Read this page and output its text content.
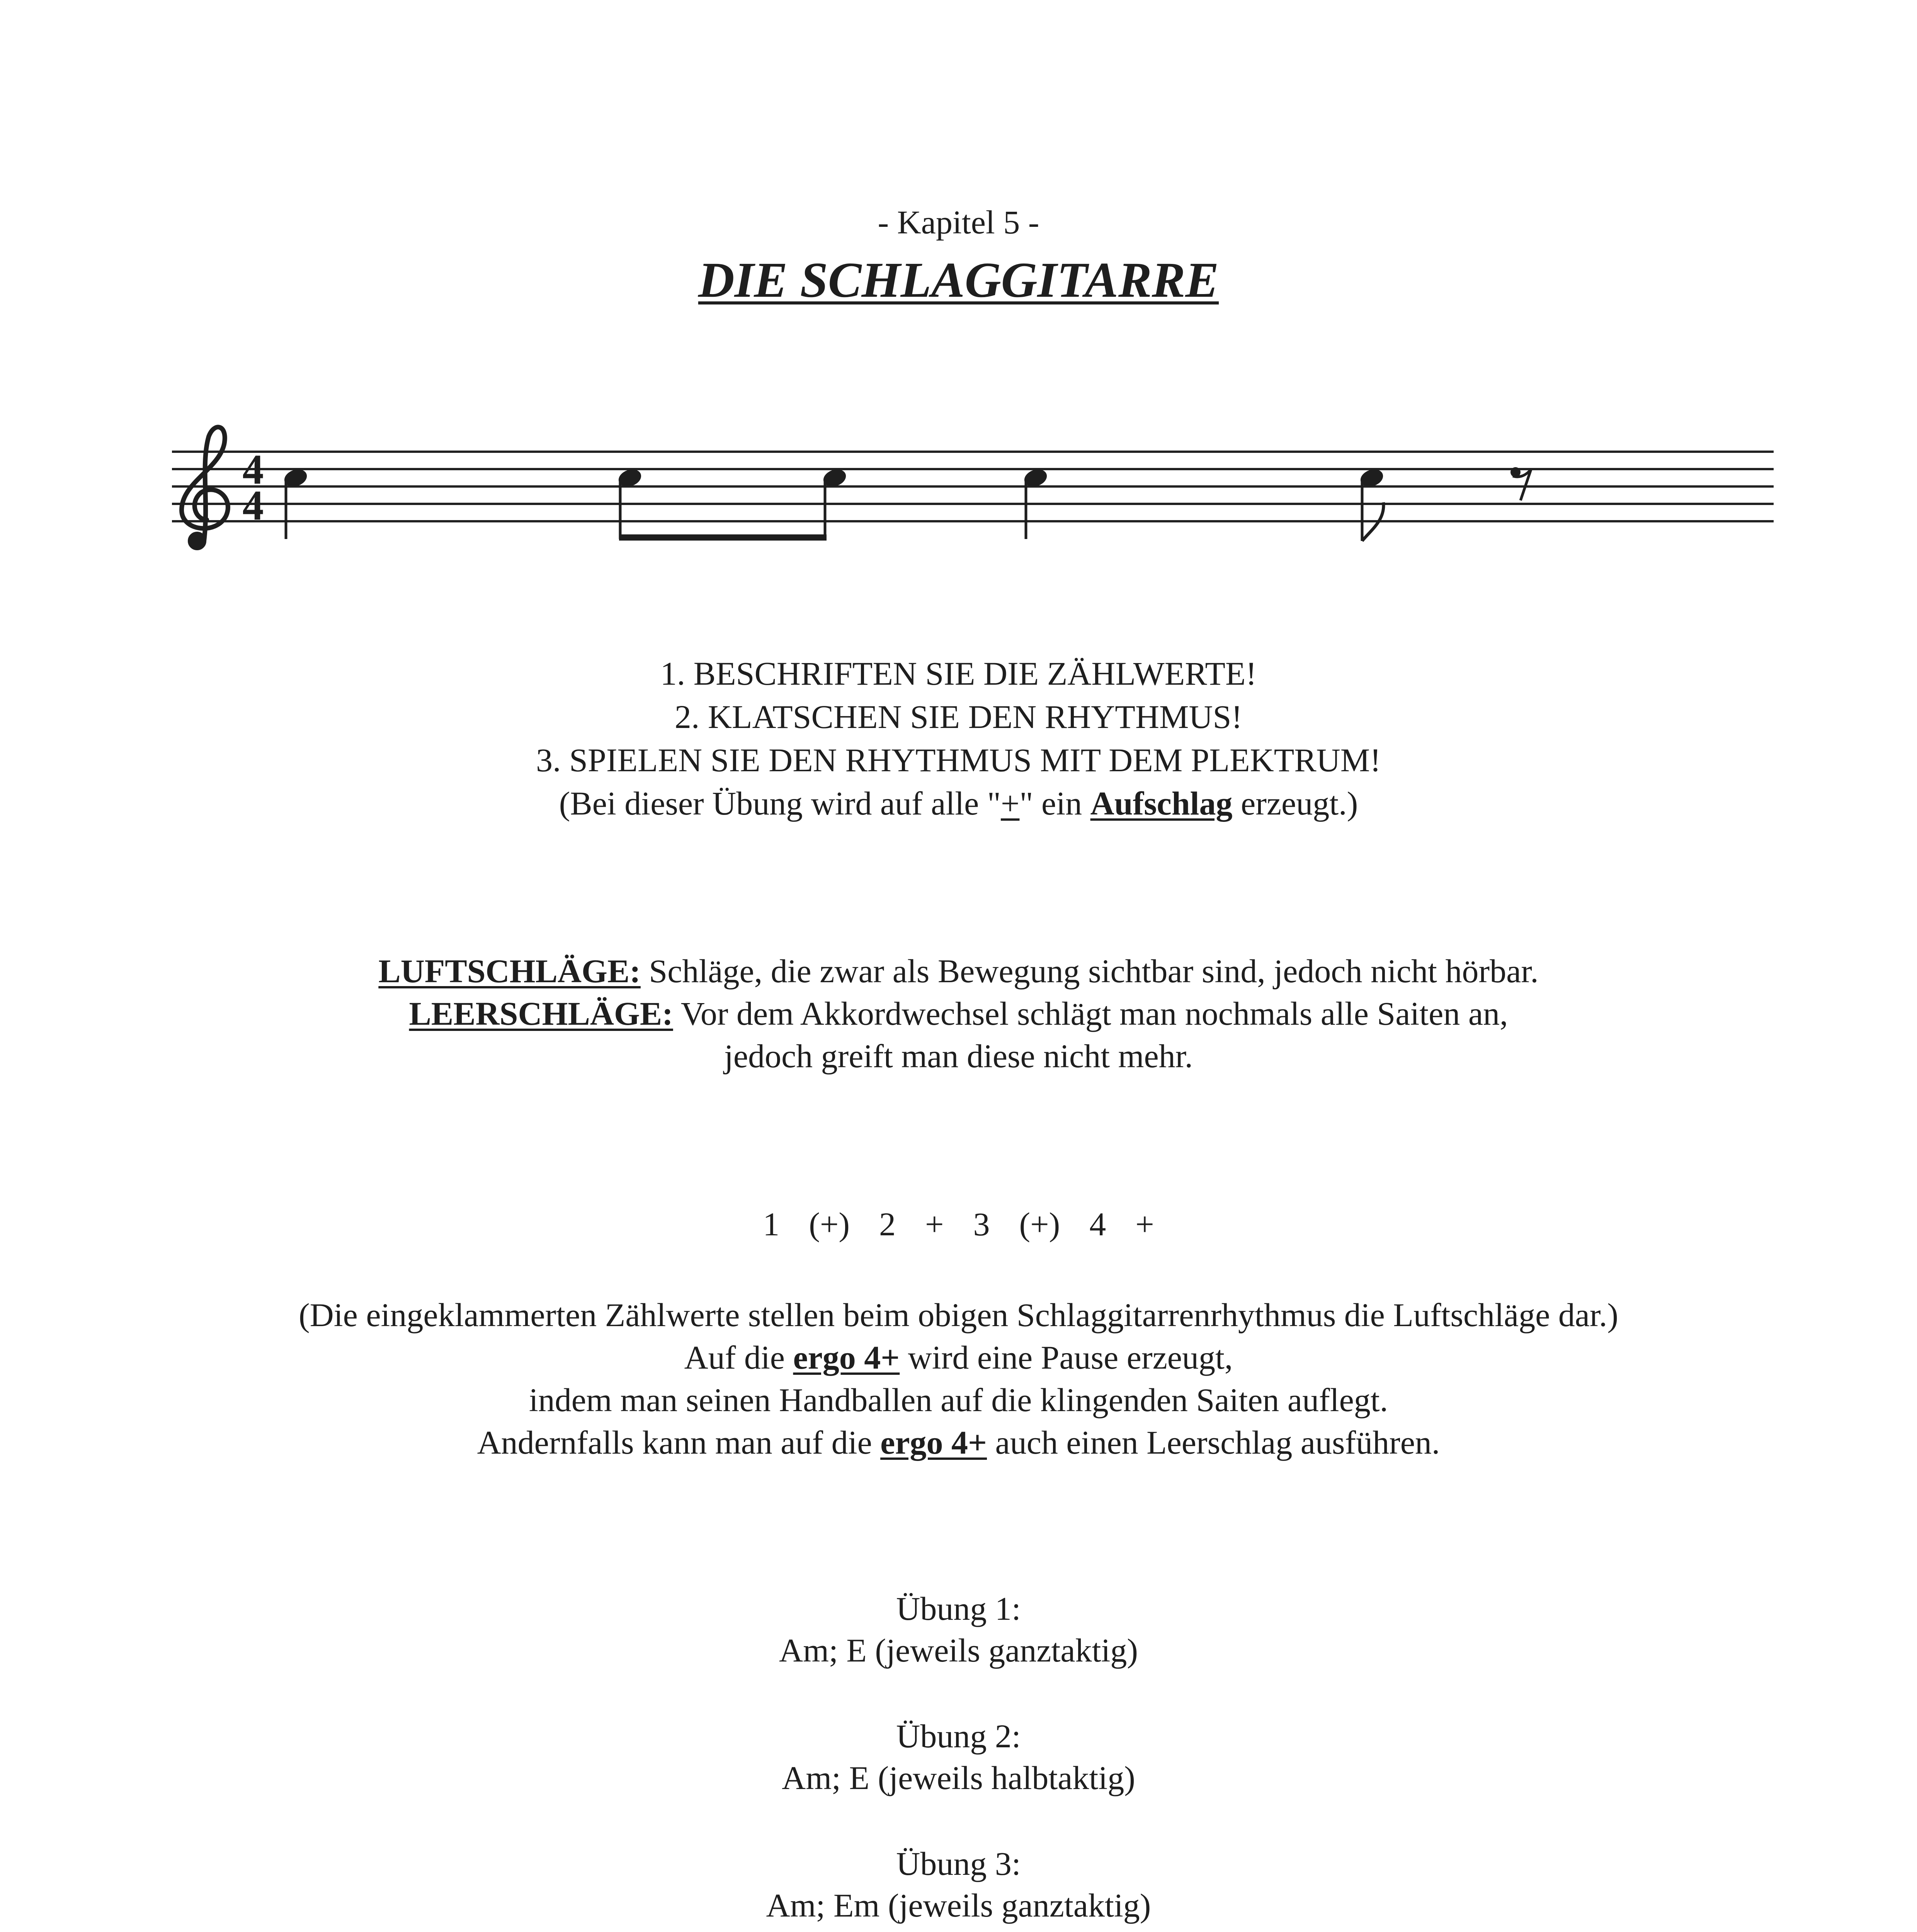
- Kapitel 5 -
DIE SCHLAGGITARRE
4
4
1. BESCHRIFTEN SIE DIE ZÄHLWERTE!
2. KLATSCHEN SIE DEN RHYTHMUS!
3. SPIELEN SIE DEN RHYTHMUS MIT DEM PLEKTRUM!
(Bei dieser Übung wird auf alle "+" ein Aufschlag erzeugt.)
LUFTSCHLÄGE: Schläge, die zwar als Bewegung sichtbar sind, jedoch nicht hörbar.
LEERSCHLÄGE: Vor dem Akkordwechsel schlägt man nochmals alle Saiten an,
jedoch greift man diese nicht mehr.
1 (+) 2 + 3 (+) 4 +
(Die eingeklammerten Zählwerte stellen beim obigen Schlaggitarrenrhythmus die Luftschläge dar.)
Auf die ergo 4+ wird eine Pause erzeugt,
indem man seinen Handballen auf die klingenden Saiten auflegt.
Andernfalls kann man auf die ergo 4+ auch einen Leerschlag ausführen.
Übung 1:
Am; E (jeweils ganztaktig)
Übung 2:
Am; E (jeweils halbtaktig)
Übung 3:
Am; Em (jeweils ganztaktig)
